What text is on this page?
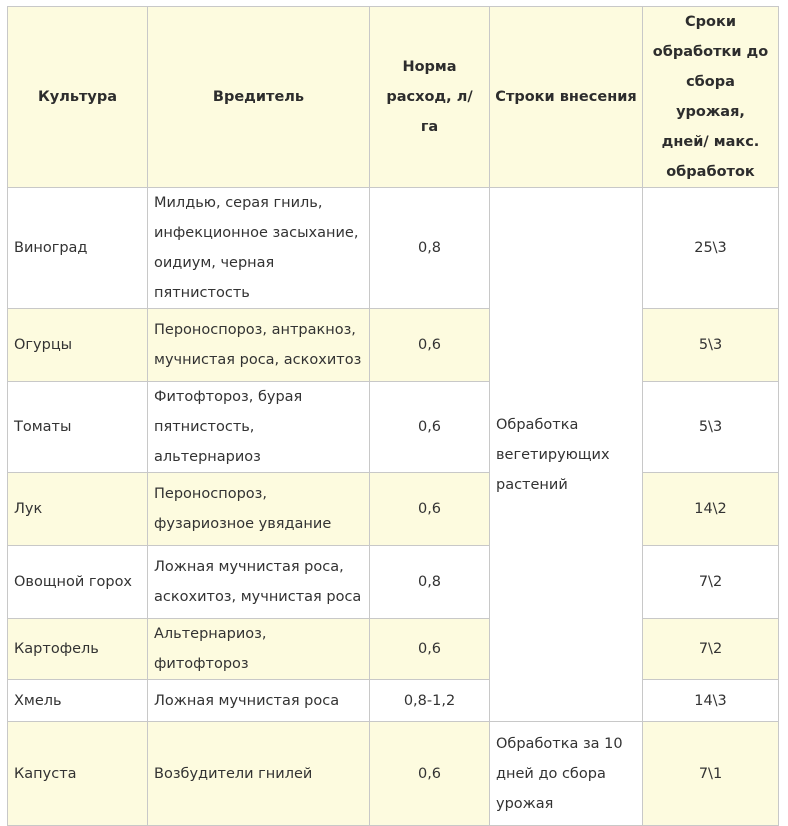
Культура	Вредитель	Норма расход, л/га	Строки внесения	Сроки обработки до сбора урожая, дней/ макс. обработок
Виноград	Милдью, серая гниль, инфекционное засыхание, оидиум, черная пятнистость	0,8	Обработка вегетирующих растений	25\3
Огурцы	Пероноспороз, антракноз, мучнистая роса, аскохитоз	0,6		5\3
Томаты	Фитофтороз, бурая пятнистость, альтернариоз	0,6		5\3
Лук	Пероноспороз, фузариозное увядание	0,6		14\2
Овощной горох	Ложная мучнистая роса, аскохитоз, мучнистая роса	0,8		7\2
Картофель	Альтернариоз, фитофтороз	0,6		7\2
Хмель	Ложная мучнистая роса	0,8-1,2		14\3
Капуста	Возбудители гнилей	0,6	Обработка за 10 дней до сбора урожая	7\1
